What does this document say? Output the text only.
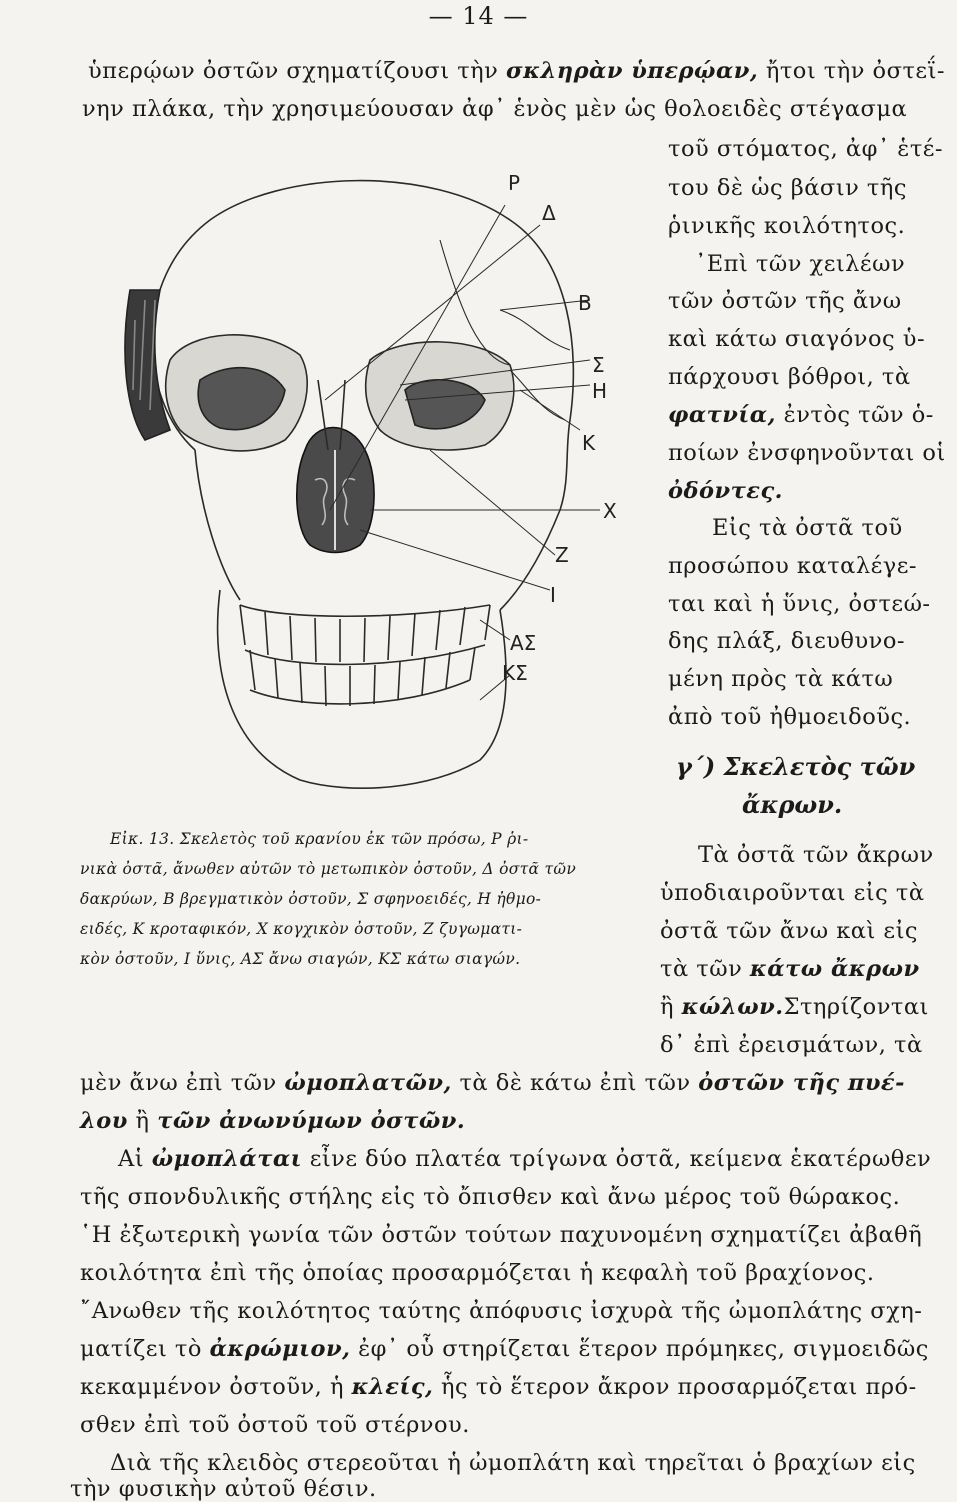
— 14 —
ὑπερῴων ὀστῶν σχηματίζουσι τὴν σκληρὰν ὑπερῴαν, ἤτοι τὴν ὀστεΐ-
νην πλάκα, τὴν χρησιμεύουσαν ἀφ᾽ ἑνὸς μὲν ὡς θολοειδὲς στέγασμα
Ρ
Δ
Β
Σ
Η
Κ
Χ
Ζ
Ι
ΑΣ
ΚΣ
τοῦ στόματος, ἀφ᾽ ἑτέ-
του δὲ ὡς βάσιν τῆς
ῥινικῆς κοιλότητος.
᾿Επὶ τῶν χειλέων
τῶν ὀστῶν τῆς ἄνω
καὶ κάτω σιαγόνος ὑ-
πάρχουσι βόθροι, τὰ
φατνία, ἐντὸς τῶν ὁ-
ποίων ἐνσφηνοῦνται οἱ
ὀδόντες.
Εἰς τὰ ὀστᾶ τοῦ
προσώπου καταλέγε-
ται καὶ ἡ ὕνις, ὀστεώ-
δης πλάξ, διευθυνο-
μένη πρὸς τὰ κάτω
ἀπὸ τοῦ ἠθμοειδοῦς.
γ΄) Σκελετὸς τῶν
ἄκρων.
Τὰ ὀστᾶ τῶν ἄκρων
ὑποδιαιροῦνται εἰς τὰ
ὀστᾶ τῶν ἄνω καὶ εἰς
τὰ τῶν κάτω ἄκρων
ἢ κώλων.Στηρίζονται
δ᾽ ἐπὶ ἐρεισμάτων, τὰ
Εἰκ. 13. Σκελετὸς τοῦ κρανίου ἐκ τῶν πρόσω, Ρ ῥι-
νικὰ ὀστᾶ, ἄνωθεν αὐτῶν τὸ μετωπικὸν ὀστοῦν, Δ ὀστᾶ τῶν
δακρύων, Β βρεγματικὸν ὀστοῦν, Σ σφηνοειδές, Η ἠθμο-
ειδές, Κ κροταφικόν, Χ κογχικὸν ὀστοῦν, Ζ ζυγωματι-
κὸν ὀστοῦν, Ι ὕνις, ΑΣ ἄνω σιαγών, ΚΣ κάτω σιαγών.
μὲν ἄνω ἐπὶ τῶν ὠμοπλατῶν, τὰ δὲ κάτω ἐπὶ τῶν ὀστῶν τῆς πυέ-
λου ἢ τῶν ἀνωνύμων ὀστῶν.
Αἱ ὠμοπλάται εἶνε δύο πλατέα τρίγωνα ὀστᾶ, κείμενα ἑκατέρωθεν
τῆς σπονδυλικῆς στήλης εἰς τὸ ὄπισθεν καὶ ἄνω μέρος τοῦ θώρακος.
῾Η ἐξωτερικὴ γωνία τῶν ὀστῶν τούτων παχυνομένη σχηματίζει ἀβαθῆ
κοιλότητα ἐπὶ τῆς ὁποίας προσαρμόζεται ἡ κεφαλὴ τοῦ βραχίονος.
῎Ανωθεν τῆς κοιλότητος ταύτης ἀπόφυσις ἰσχυρὰ τῆς ὠμοπλάτης σχη-
ματίζει τὸ ἀκρώμιον, ἐφ᾽ οὗ στηρίζεται ἕτερον πρόμηκες, σιγμοειδῶς
κεκαμμένον ὀστοῦν, ἡ κλείς, ἧς τὸ ἕτερον ἄκρον προσαρμόζεται πρό-
σθεν ἐπὶ τοῦ ὀστοῦ τοῦ στέρνου.
Διὰ τῆς κλειδὸς στερεοῦται ἡ ὠμοπλάτη καὶ τηρεῖται ὁ βραχίων εἰς
τὴν φυσικὴν αὐτοῦ θέσιν.
